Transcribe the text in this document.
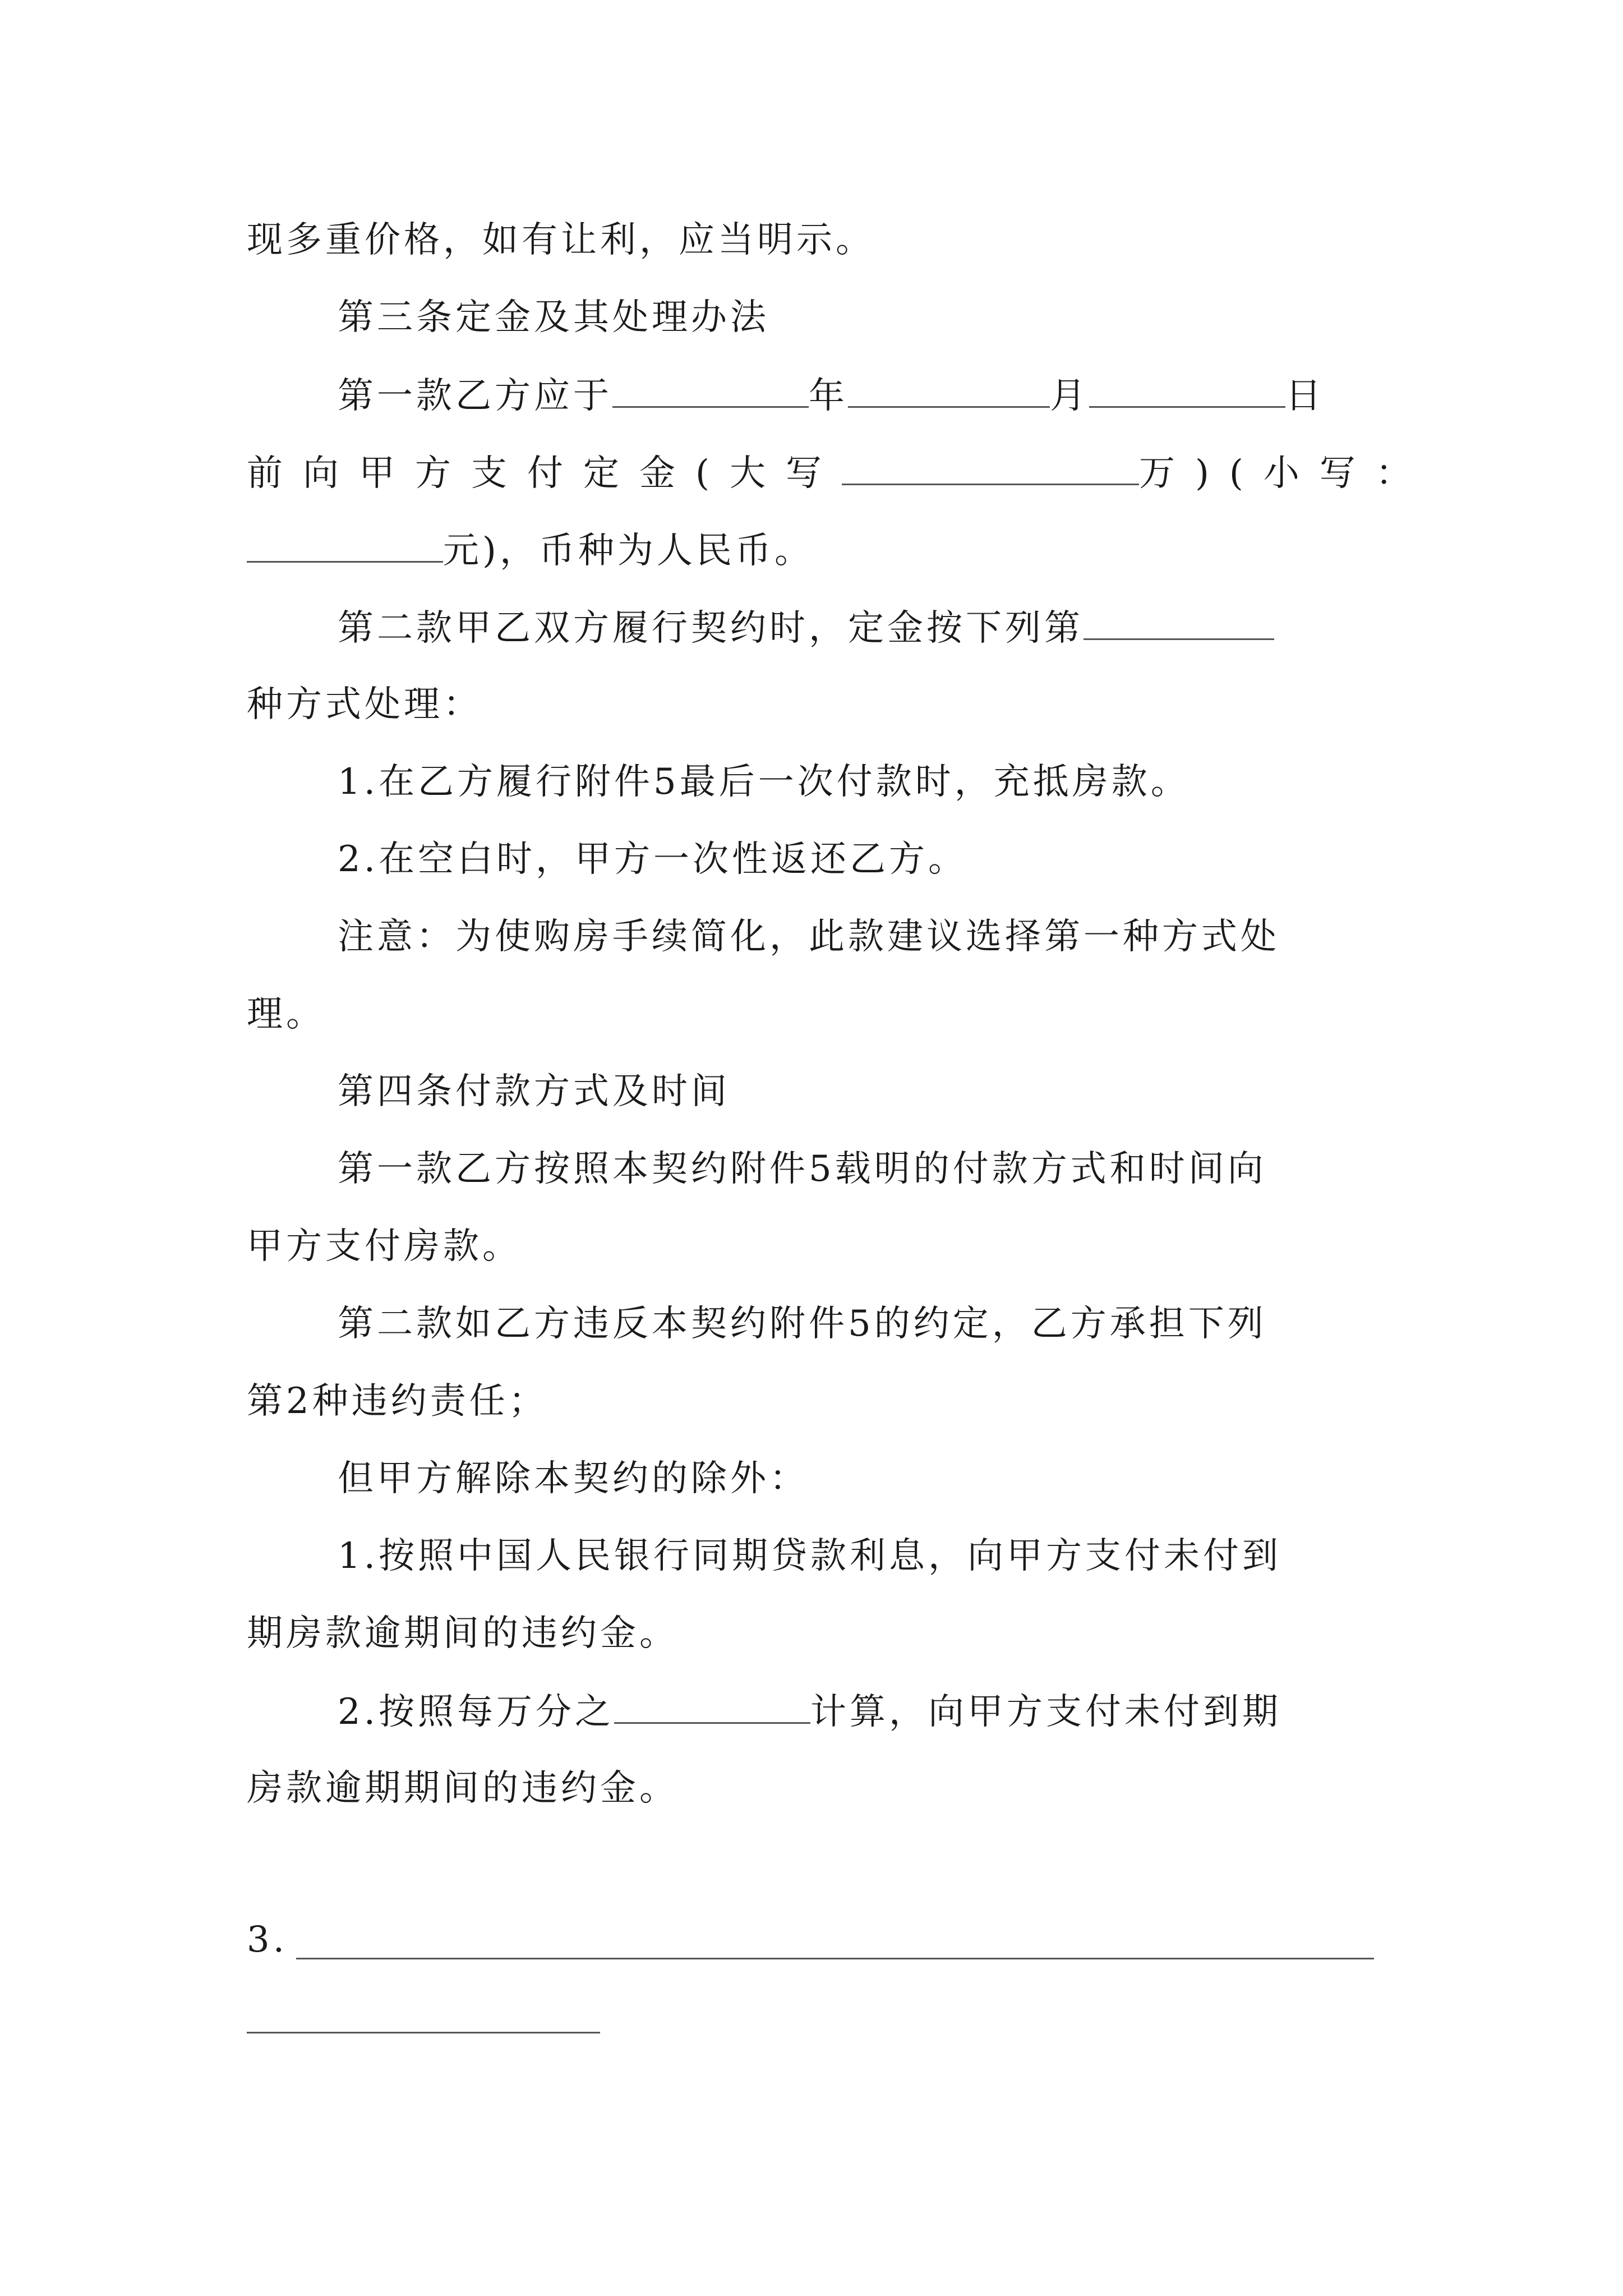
现多重价格，如有让利，应当明示。
第三条定金及其处理办法
第一款乙方应于	年	月	日
前向甲方支付定金(大写	万)(小写：
元)，币种为人民币。
第二款甲乙双方履行契约时，定金按下列第
种方式处理：
1.在乙方履行附件5最后一次付款时，充抵房款。
2.在空白时，甲方一次性返还乙方。
注意：为使购房手续简化，此款建议选择第一种方式处
理。
第四条付款方式及时间
第一款乙方按照本契约附件5载明的付款方式和时间向
甲方支付房款。
第二款如乙方违反本契约附件5的约定，乙方承担下列
第2种违约责任；
但甲方解除本契约的除外：
1.按照中国人民银行同期贷款利息，向甲方支付未付到
期房款逾期间的违约金。
2.按照每万分之	计算，向甲方支付未付到期
房款逾期期间的违约金。
3.
